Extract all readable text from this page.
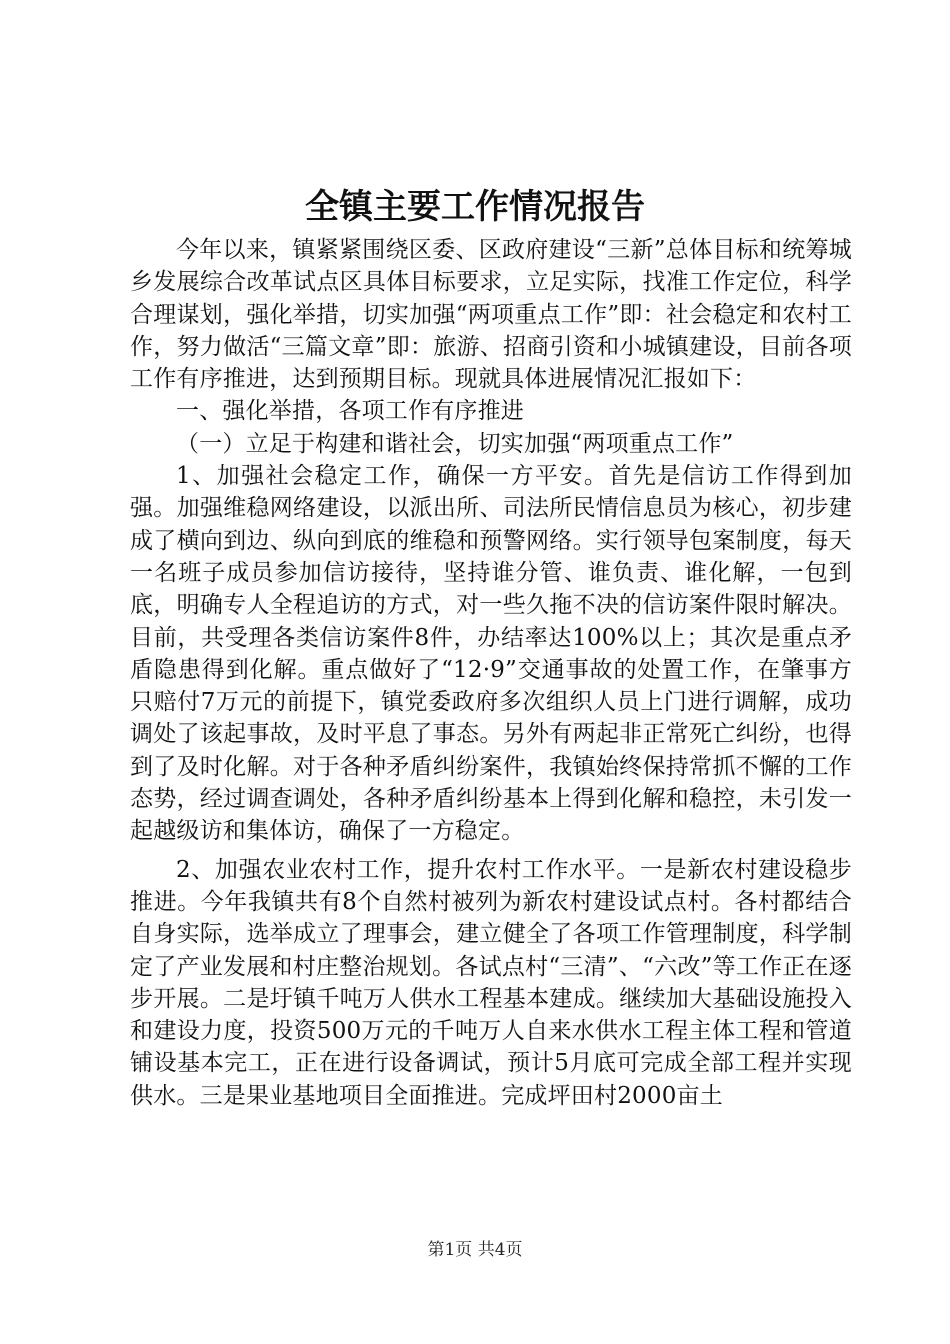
全镇主要工作情况报告

今年以来，镇紧紧围绕区委、区政府建设“三新”总体目标和统筹城乡发展综合改革试点区具体目标要求，立足实际，找准工作定位，科学合理谋划，强化举措，切实加强“两项重点工作”即：社会稳定和农村工作，努力做活“三篇文章”即：旅游、招商引资和小城镇建设，目前各项工作有序推进，达到预期目标。现就具体进展情况汇报如下：

一、强化举措，各项工作有序推进

（一）立足于构建和谐社会，切实加强“两项重点工作”

1、加强社会稳定工作，确保一方平安。首先是信访工作得到加强。加强维稳网络建设，以派出所、司法所民情信息员为核心，初步建成了横向到边、纵向到底的维稳和预警网络。实行领导包案制度，每天一名班子成员参加信访接待，坚持谁分管、谁负责、谁化解，一包到底，明确专人全程追访的方式，对一些久拖不决的信访案件限时解决。目前，共受理各类信访案件8件，办结率达100%以上；其次是重点矛盾隐患得到化解。重点做好了“12·9”交通事故的处置工作，在肇事方只赔付7万元的前提下，镇党委政府多次组织人员上门进行调解，成功调处了该起事故，及时平息了事态。另外有两起非正常死亡纠纷，也得到了及时化解。对于各种矛盾纠纷案件，我镇始终保持常抓不懈的工作态势，经过调查调处，各种矛盾纠纷基本上得到化解和稳控，未引发一起越级访和集体访，确保了一方稳定。

2、加强农业农村工作，提升农村工作水平。一是新农村建设稳步推进。今年我镇共有8个自然村被列为新农村建设试点村。各村都结合自身实际，选举成立了理事会，建立健全了各项工作管理制度，科学制定了产业发展和村庄整治规划。各试点村“三清”、“六改”等工作正在逐步开展。二是圩镇千吨万人供水工程基本建成。继续加大基础设施投入和建设力度，投资500万元的千吨万人自来水供水工程主体工程和管道铺设基本完工，正在进行设备调试，预计5月底可完成全部工程并实现供水。三是果业基地项目全面推进。完成坪田村2000亩土

第1页 共4页
